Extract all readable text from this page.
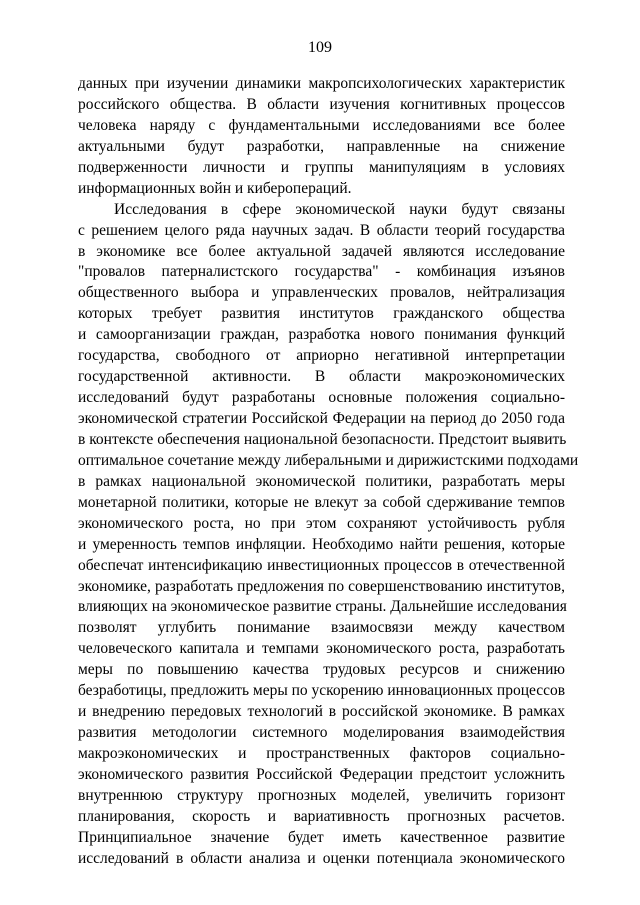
109
данных при изучении динамики макропсихологических характеристик
российского общества. В области изучения когнитивных процессов
человека наряду с фундаментальными исследованиями все более
актуальными будут разработки, направленные на снижение
подверженности личности и группы манипуляциям в условиях
информационных войн и киберопераций.
Исследования в сфере экономической науки будут связаны
с решением целого ряда научных задач. В области теорий государства
в экономике все более актуальной задачей являются исследование
"провалов патерналистского государства" - комбинация изъянов
общественного выбора и управленческих провалов, нейтрализация
которых требует развития институтов гражданского общества
и самоорганизации граждан, разработка нового понимания функций
государства, свободного от априорно негативной интерпретации
государственной активности. В области макроэкономических
исследований будут разработаны основные положения социально-
экономической стратегии Российской Федерации на период до 2050 года
в контексте обеспечения национальной безопасности. Предстоит выявить
оптимальное сочетание между либеральными и дирижистскими подходами
в рамках национальной экономической политики, разработать меры
монетарной политики, которые не влекут за собой сдерживание темпов
экономического роста, но при этом сохраняют устойчивость рубля
и умеренность темпов инфляции. Необходимо найти решения, которые
обеспечат интенсификацию инвестиционных процессов в отечественной
экономике, разработать предложения по совершенствованию институтов,
влияющих на экономическое развитие страны. Дальнейшие исследования
позволят углубить понимание взаимосвязи между качеством
человеческого капитала и темпами экономического роста, разработать
меры по повышению качества трудовых ресурсов и снижению
безработицы, предложить меры по ускорению инновационных процессов
и внедрению передовых технологий в российской экономике. В рамках
развития методологии системного моделирования взаимодействия
макроэкономических и пространственных факторов социально-
экономического развития Российской Федерации предстоит усложнить
внутреннюю структуру прогнозных моделей, увеличить горизонт
планирования, скорость и вариативность прогнозных расчетов.
Принципиальное значение будет иметь качественное развитие
исследований в области анализа и оценки потенциала экономического
